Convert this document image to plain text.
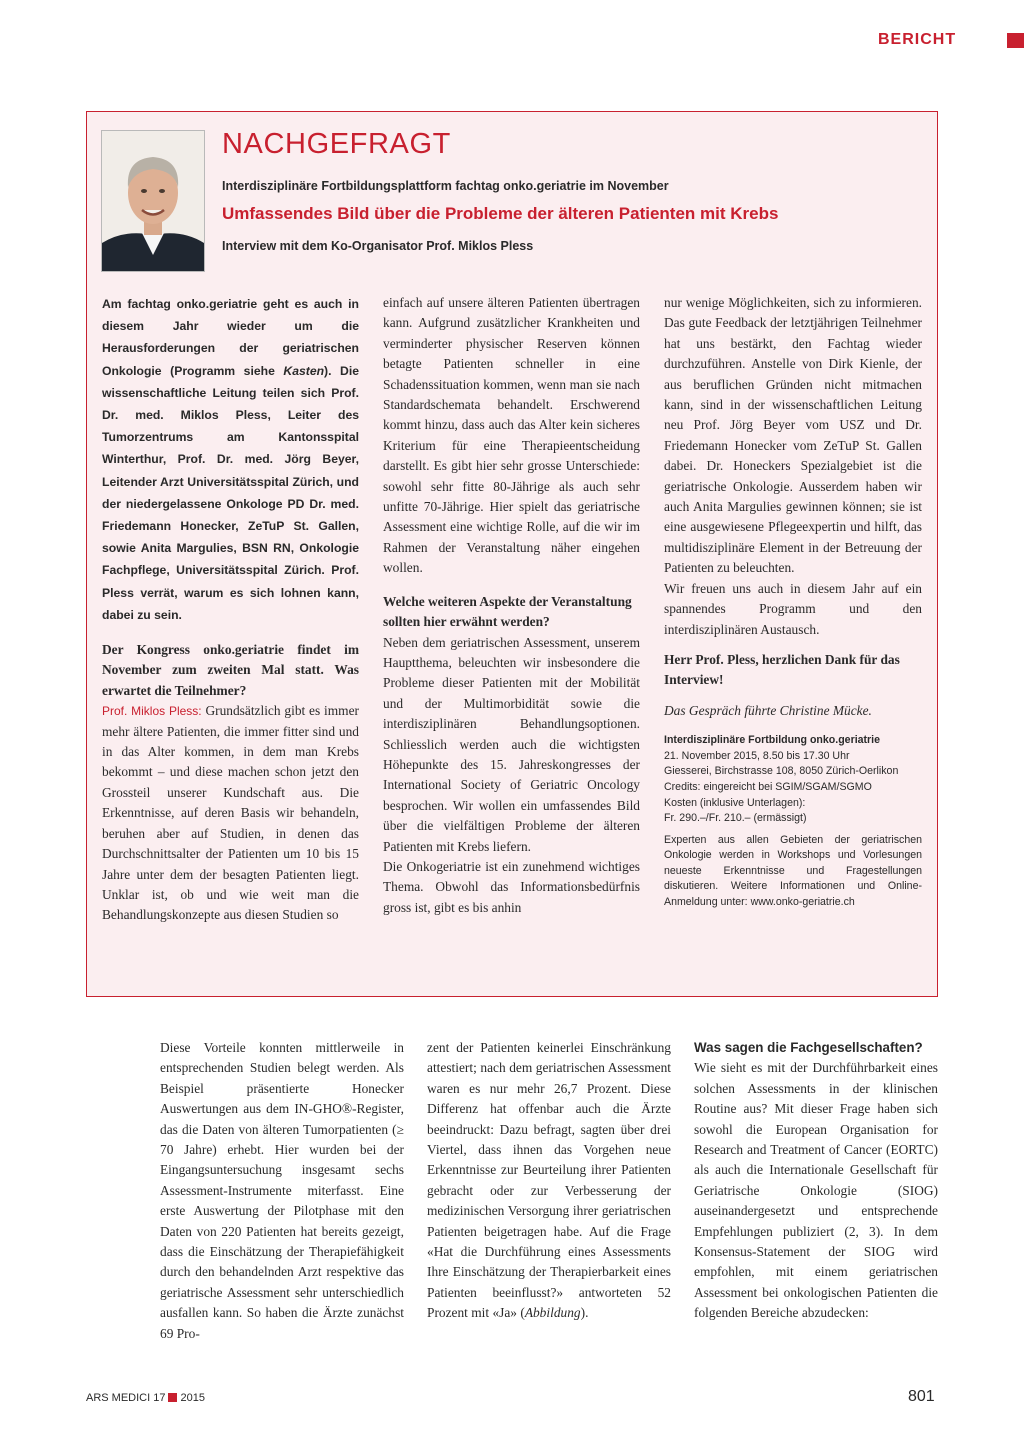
BERICHT
NACHGEFRAGT
Interdisziplinäre Fortbildungsplattform fachtag onko.geriatrie im November
Umfassendes Bild über die Probleme der älteren Patienten mit Krebs
Interview mit dem Ko-Organisator Prof. Miklos Pless

Am fachtag onko.geriatrie geht es auch in diesem Jahr wieder um die Herausforderungen der geriatrischen Onkologie (Programm siehe Kasten). Die wissenschaftliche Leitung teilen sich Prof. Dr. med. Miklos Pless, Leiter des Tumorzentrums am Kantonsspital Winterthur, Prof. Dr. med. Jörg Beyer, Leitender Arzt Universitätsspital Zürich, und der niedergelassene Onkologe PD Dr. med. Friedemann Honecker, ZeTuP St. Gallen, sowie Anita Margulies, BSN RN, Onkologie Fachpflege, Universitätsspital Zürich. Prof. Pless verrät, warum es sich lohnen kann, dabei zu sein.

Der Kongress onko.geriatrie findet im November zum zweiten Mal statt. Was erwartet die Teilnehmer?

Prof. Miklos Pless: Grundsätzlich gibt es immer mehr ältere Patienten, die immer fitter sind und in das Alter kommen, in dem man Krebs bekommt – und diese machen schon jetzt den Grossteil unserer Kundschaft aus. Die Erkenntnisse, auf deren Basis wir behandeln, beruhen aber auf Studien, in denen das Durchschnittsalter der Patienten um 10 bis 15 Jahre unter dem der besagten Patienten liegt. Unklar ist, ob und wie weit man die Behandlungskonzepte aus diesen Studien so

einfach auf unsere älteren Patienten übertragen kann. Aufgrund zusätzlicher Krankheiten und verminderter physischer Reserven können betagte Patienten schneller in eine Schadenssituation kommen, wenn man sie nach Standardschemata behandelt. Erschwerend kommt hinzu, dass auch das Alter kein sicheres Kriterium für eine Therapieentscheidung darstellt. Es gibt hier sehr grosse Unterschiede: sowohl sehr fitte 80-Jährige als auch sehr unfitte 70-Jährige. Hier spielt das geriatrische Assessment eine wichtige Rolle, auf die wir im Rahmen der Veranstaltung näher eingehen wollen.

Welche weiteren Aspekte der Veranstaltung sollten hier erwähnt werden?

Neben dem geriatrischen Assessment, unserem Hauptthema, beleuchten wir insbesondere die Probleme dieser Patienten mit der Mobilität und der Multimorbidität sowie die interdisziplinären Behandlungsoptionen. Schliesslich werden auch die wichtigsten Höhepunkte des 15. Jahreskongresses der International Society of Geriatric Oncology besprochen. Wir wollen ein umfassendes Bild über die vielfältigen Probleme der älteren Patienten mit Krebs liefern.

Die Onkogeriatrie ist ein zunehmend wichtiges Thema. Obwohl das Informationsbedürfnis gross ist, gibt es bis anhin

nur wenige Möglichkeiten, sich zu informieren. Das gute Feedback der letztjährigen Teilnehmer hat uns bestärkt, den Fachtag wieder durchzuführen. Anstelle von Dirk Kienle, der aus beruflichen Gründen nicht mitmachen kann, sind in der wissenschaftlichen Leitung neu Prof. Jörg Beyer vom USZ und Dr. Friedemann Honecker vom ZeTuP St. Gallen dabei. Dr. Honeckers Spezialgebiet ist die geriatrische Onkologie. Ausserdem haben wir auch Anita Margulies gewinnen können; sie ist eine ausgewiesene Pflegeexpertin und hilft, das multidisziplinäre Element in der Betreuung der Patienten zu beleuchten.

Wir freuen uns auch in diesem Jahr auf ein spannendes Programm und den interdisziplinären Austausch.

Herr Prof. Pless, herzlichen Dank für das Interview!

Das Gespräch führte Christine Mücke.

Interdisziplinäre Fortbildung onko.geriatrie
21. November 2015, 8.50 bis 17.30 Uhr
Giesserei, Birchstrasse 108, 8050 Zürich-Oerlikon
Credits: eingereicht bei SGIM/SGAM/SGMO
Kosten (inklusive Unterlagen):
Fr. 290.–/Fr. 210.– (ermässigt)
Experten aus allen Gebieten der geriatrischen Onkologie werden in Workshops und Vorlesungen neueste Erkenntnisse und Fragestellungen diskutieren. Weitere Informationen und Online-Anmeldung unter: www.onko-geriatrie.ch

Diese Vorteile konnten mittlerweile in entsprechenden Studien belegt werden. Als Beispiel präsentierte Honecker Auswertungen aus dem IN-GHO®-Register, das die Daten von älteren Tumorpatienten (≥ 70 Jahre) erhebt. Hier wurden bei der Eingangsuntersuchung insgesamt sechs Assessment-Instrumente miterfasst. Eine erste Auswertung der Pilotphase mit den Daten von 220 Patienten hat bereits gezeigt, dass die Einschätzung der Therapiefähigkeit durch den behandelnden Arzt respektive das geriatrische Assessment sehr unterschiedlich ausfallen kann. So haben die Ärzte zunächst 69 Pro-

zent der Patienten keinerlei Einschränkung attestiert; nach dem geriatrischen Assessment waren es nur mehr 26,7 Prozent. Diese Differenz hat offenbar auch die Ärzte beeindruckt: Dazu befragt, sagten über drei Viertel, dass ihnen das Vorgehen neue Erkenntnisse zur Beurteilung ihrer Patienten gebracht oder zur Verbesserung der medizinischen Versorgung ihrer geriatrischen Patienten beigetragen habe. Auf die Frage «Hat die Durchführung eines Assessments Ihre Einschätzung der Therapierbarkeit eines Patienten beeinflusst?» antworteten 52 Prozent mit «Ja» (Abbildung).

Was sagen die Fachgesellschaften?

Wie sieht es mit der Durchführbarkeit eines solchen Assessments in der klinischen Routine aus? Mit dieser Frage haben sich sowohl die European Organisation for Research and Treatment of Cancer (EORTC) als auch die Internationale Gesellschaft für Geriatrische Onkologie (SIOG) auseinandergesetzt und entsprechende Empfehlungen publiziert (2, 3). In dem Konsensus-Statement der SIOG wird empfohlen, mit einem geriatrischen Assessment bei onkologischen Patienten die folgenden Bereiche abzudecken:

ARS MEDICI 17 2015	801
